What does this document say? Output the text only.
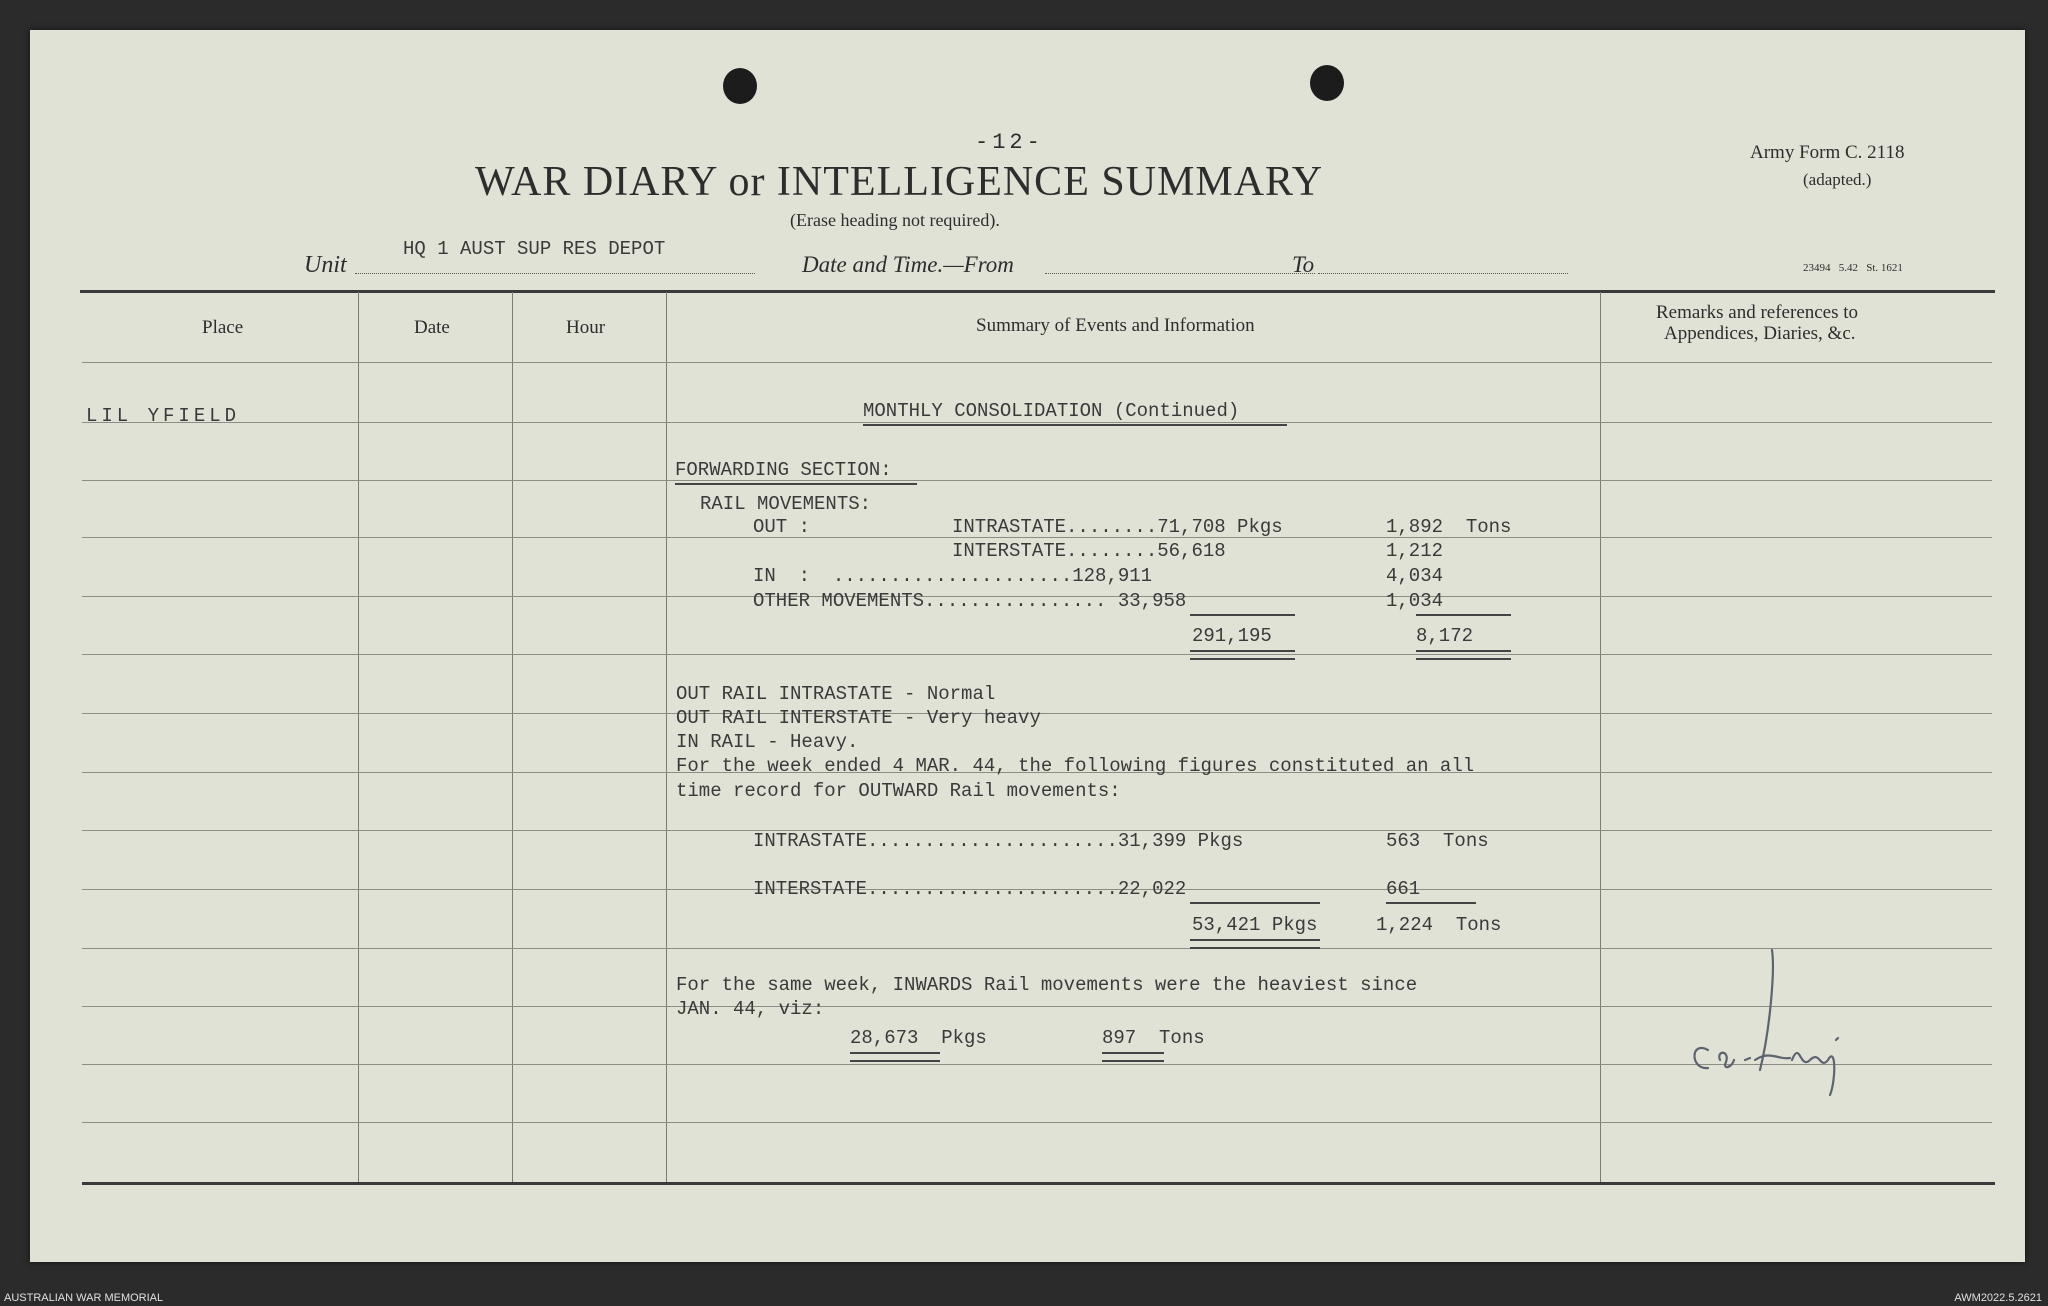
-12-
WAR DIARY or INTELLIGENCE SUMMARY
(Erase heading not required).
Army Form C. 2118
(adapted.)
23494   5.42   St. 1621
Unit
HQ 1 AUST SUP RES DEPOT
Date and Time.—From	To
Place	Date	Hour	Summary of Events and Information
Remarks and references to
Appendices, Diaries, &c.
LIL YFIELD	MONTHLY CONSOLIDATION (Continued)
FORWARDING SECTION:
RAIL MOVEMENTS:
OUT :	INTRASTATE........71,708 Pkgs	1,892  Tons
INTERSTATE........56,618	1,212
IN  :  .....................128,911	4,034
OTHER MOVEMENTS................ 33,958	1,034
291,195	8,172
OUT RAIL INTRASTATE - Normal
OUT RAIL INTERSTATE - Very heavy
IN RAIL - Heavy.
For the week ended 4 MAR. 44, the following figures constituted an all
time record for OUTWARD Rail movements:
INTRASTATE......................31,399 Pkgs	563  Tons
INTERSTATE......................22,022	661
53,421 Pkgs	1,224  Tons
For the same week, INWARDS Rail movements were the heaviest since
JAN. 44, viz:
28,673  Pkgs	897  Tons
AUSTRALIAN WAR MEMORIAL	AWM2022.5.2621
